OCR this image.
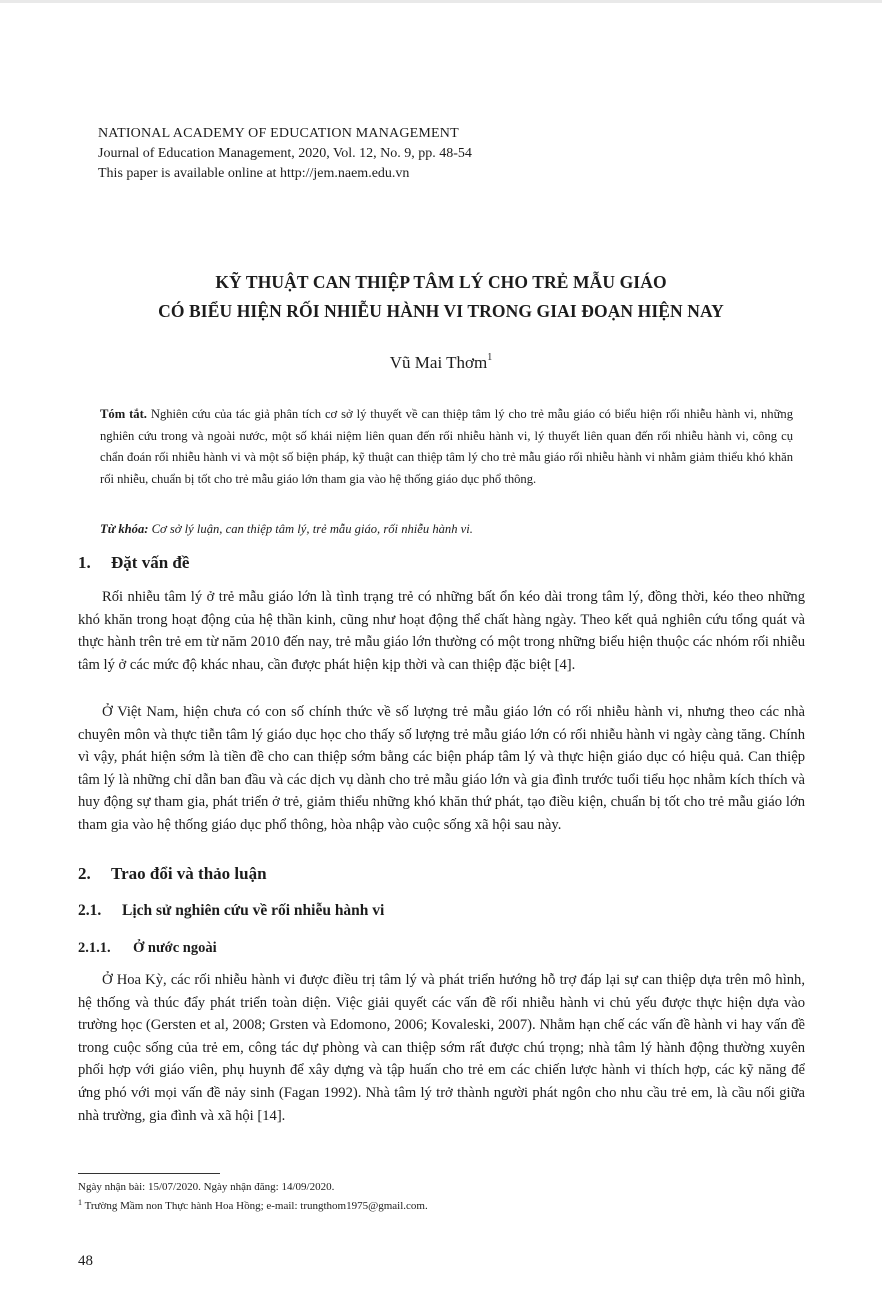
NATIONAL ACADEMY OF EDUCATION MANAGEMENT
Journal of Education Management, 2020, Vol. 12, No. 9, pp. 48-54
This paper is available online at http://jem.naem.edu.vn
KỸ THUẬT CAN THIỆP TÂM LÝ CHO TRẺ MẪU GIÁO
CÓ BIỂU HIỆN RỐI NHIỄU HÀNH VI TRONG GIAI ĐOẠN HIỆN NAY
Vũ Mai Thơm$^1$
Tóm tắt. Nghiên cứu của tác giả phân tích cơ sở lý thuyết về can thiệp tâm lý cho trẻ mẫu giáo có biểu hiện rối nhiễu hành vi, những nghiên cứu trong và ngoài nước, một số khái niệm liên quan đến rối nhiễu hành vi, lý thuyết liên quan đến rối nhiễu hành vi, công cụ chẩn đoán rối nhiễu hành vi và một số biện pháp, kỹ thuật can thiệp tâm lý cho trẻ mẫu giáo rối nhiễu hành vi nhằm giảm thiểu khó khăn rối nhiễu, chuẩn bị tốt cho trẻ mẫu giáo lớn tham gia vào hệ thống giáo dục phổ thông.
Từ khóa: Cơ sở lý luận, can thiệp tâm lý, trẻ mẫu giáo, rối nhiễu hành vi.
1. Đặt vấn đề

Rối nhiễu tâm lý ở trẻ mẫu giáo lớn là tình trạng trẻ có những bất ổn kéo dài trong tâm lý, đồng thời, kéo theo những khó khăn trong hoạt động của hệ thần kinh, cũng như hoạt động thể chất hàng ngày. Theo kết quả nghiên cứu tổng quát và thực hành trên trẻ em từ năm 2010 đến nay, trẻ mẫu giáo lớn thường có một trong những biểu hiện thuộc các nhóm rối nhiễu tâm lý ở các mức độ khác nhau, cần được phát hiện kịp thời và can thiệp đặc biệt [4].

Ở Việt Nam, hiện chưa có con số chính thức về số lượng trẻ mẫu giáo lớn có rối nhiễu hành vi, nhưng theo các nhà chuyên môn và thực tiễn tâm lý giáo dục học cho thấy số lượng trẻ mẫu giáo lớn có rối nhiễu hành vi ngày càng tăng. Chính vì vậy, phát hiện sớm là tiền đề cho can thiệp sớm bằng các biện pháp tâm lý và thực hiện giáo dục có hiệu quả. Can thiệp tâm lý là những chỉ dẫn ban đầu và các dịch vụ dành cho trẻ mẫu giáo lớn và gia đình trước tuổi tiểu học nhằm kích thích và huy động sự tham gia, phát triển ở trẻ, giảm thiểu những khó khăn thứ phát, tạo điều kiện, chuẩn bị tốt cho trẻ mẫu giáo lớn tham gia vào hệ thống giáo dục phổ thông, hòa nhập vào cuộc sống xã hội sau này.

2. Trao đổi và thảo luận
2.1. Lịch sử nghiên cứu về rối nhiễu hành vi
2.1.1. Ở nước ngoài

Ở Hoa Kỳ, các rối nhiễu hành vi được điều trị tâm lý và phát triển hướng hỗ trợ đáp lại sự can thiệp dựa trên mô hình, hệ thống và thúc đẩy phát triển toàn diện. Việc giải quyết các vấn đề rối nhiễu hành vi chủ yếu được thực hiện dựa vào trường học (Gersten et al, 2008; Grsten và Edomono, 2006; Kovaleski, 2007). Nhằm hạn chế các vấn đề hành vi hay vấn đề trong cuộc sống của trẻ em, công tác dự phòng và can thiệp sớm rất được chú trọng; nhà tâm lý hành động thường xuyên phối hợp với giáo viên, phụ huynh để xây dựng và tập huấn cho trẻ em các chiến lược hành vi thích hợp, các kỹ năng để ứng phó với mọi vấn đề nảy sinh (Fagan 1992). Nhà tâm lý trở thành người phát ngôn cho nhu cầu trẻ em, là cầu nối giữa nhà trường, gia đình và xã hội [14].

Ngày nhận bài: 15/07/2020. Ngày nhận đăng: 14/09/2020.
$^1$ Trường Mầm non Thực hành Hoa Hồng; e-mail: trungthom1975@gmail.com.
48
